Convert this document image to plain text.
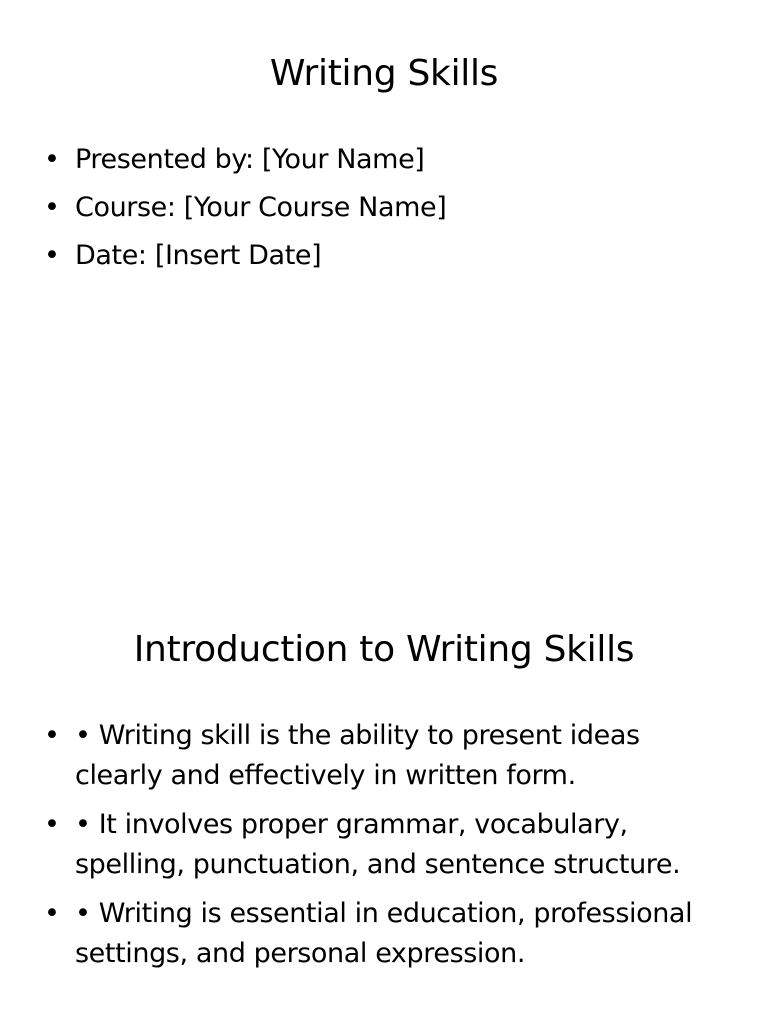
Writing Skills
• Presented by: [Your Name]
• Course: [Your Course Name]
• Date: [Insert Date]
Introduction to Writing Skills
• • Writing skill is the ability to present ideas clearly and effectively in written form.
• • It involves proper grammar, vocabulary, spelling, punctuation, and sentence structure.
• • Writing is essential in education, professional settings, and personal expression.
